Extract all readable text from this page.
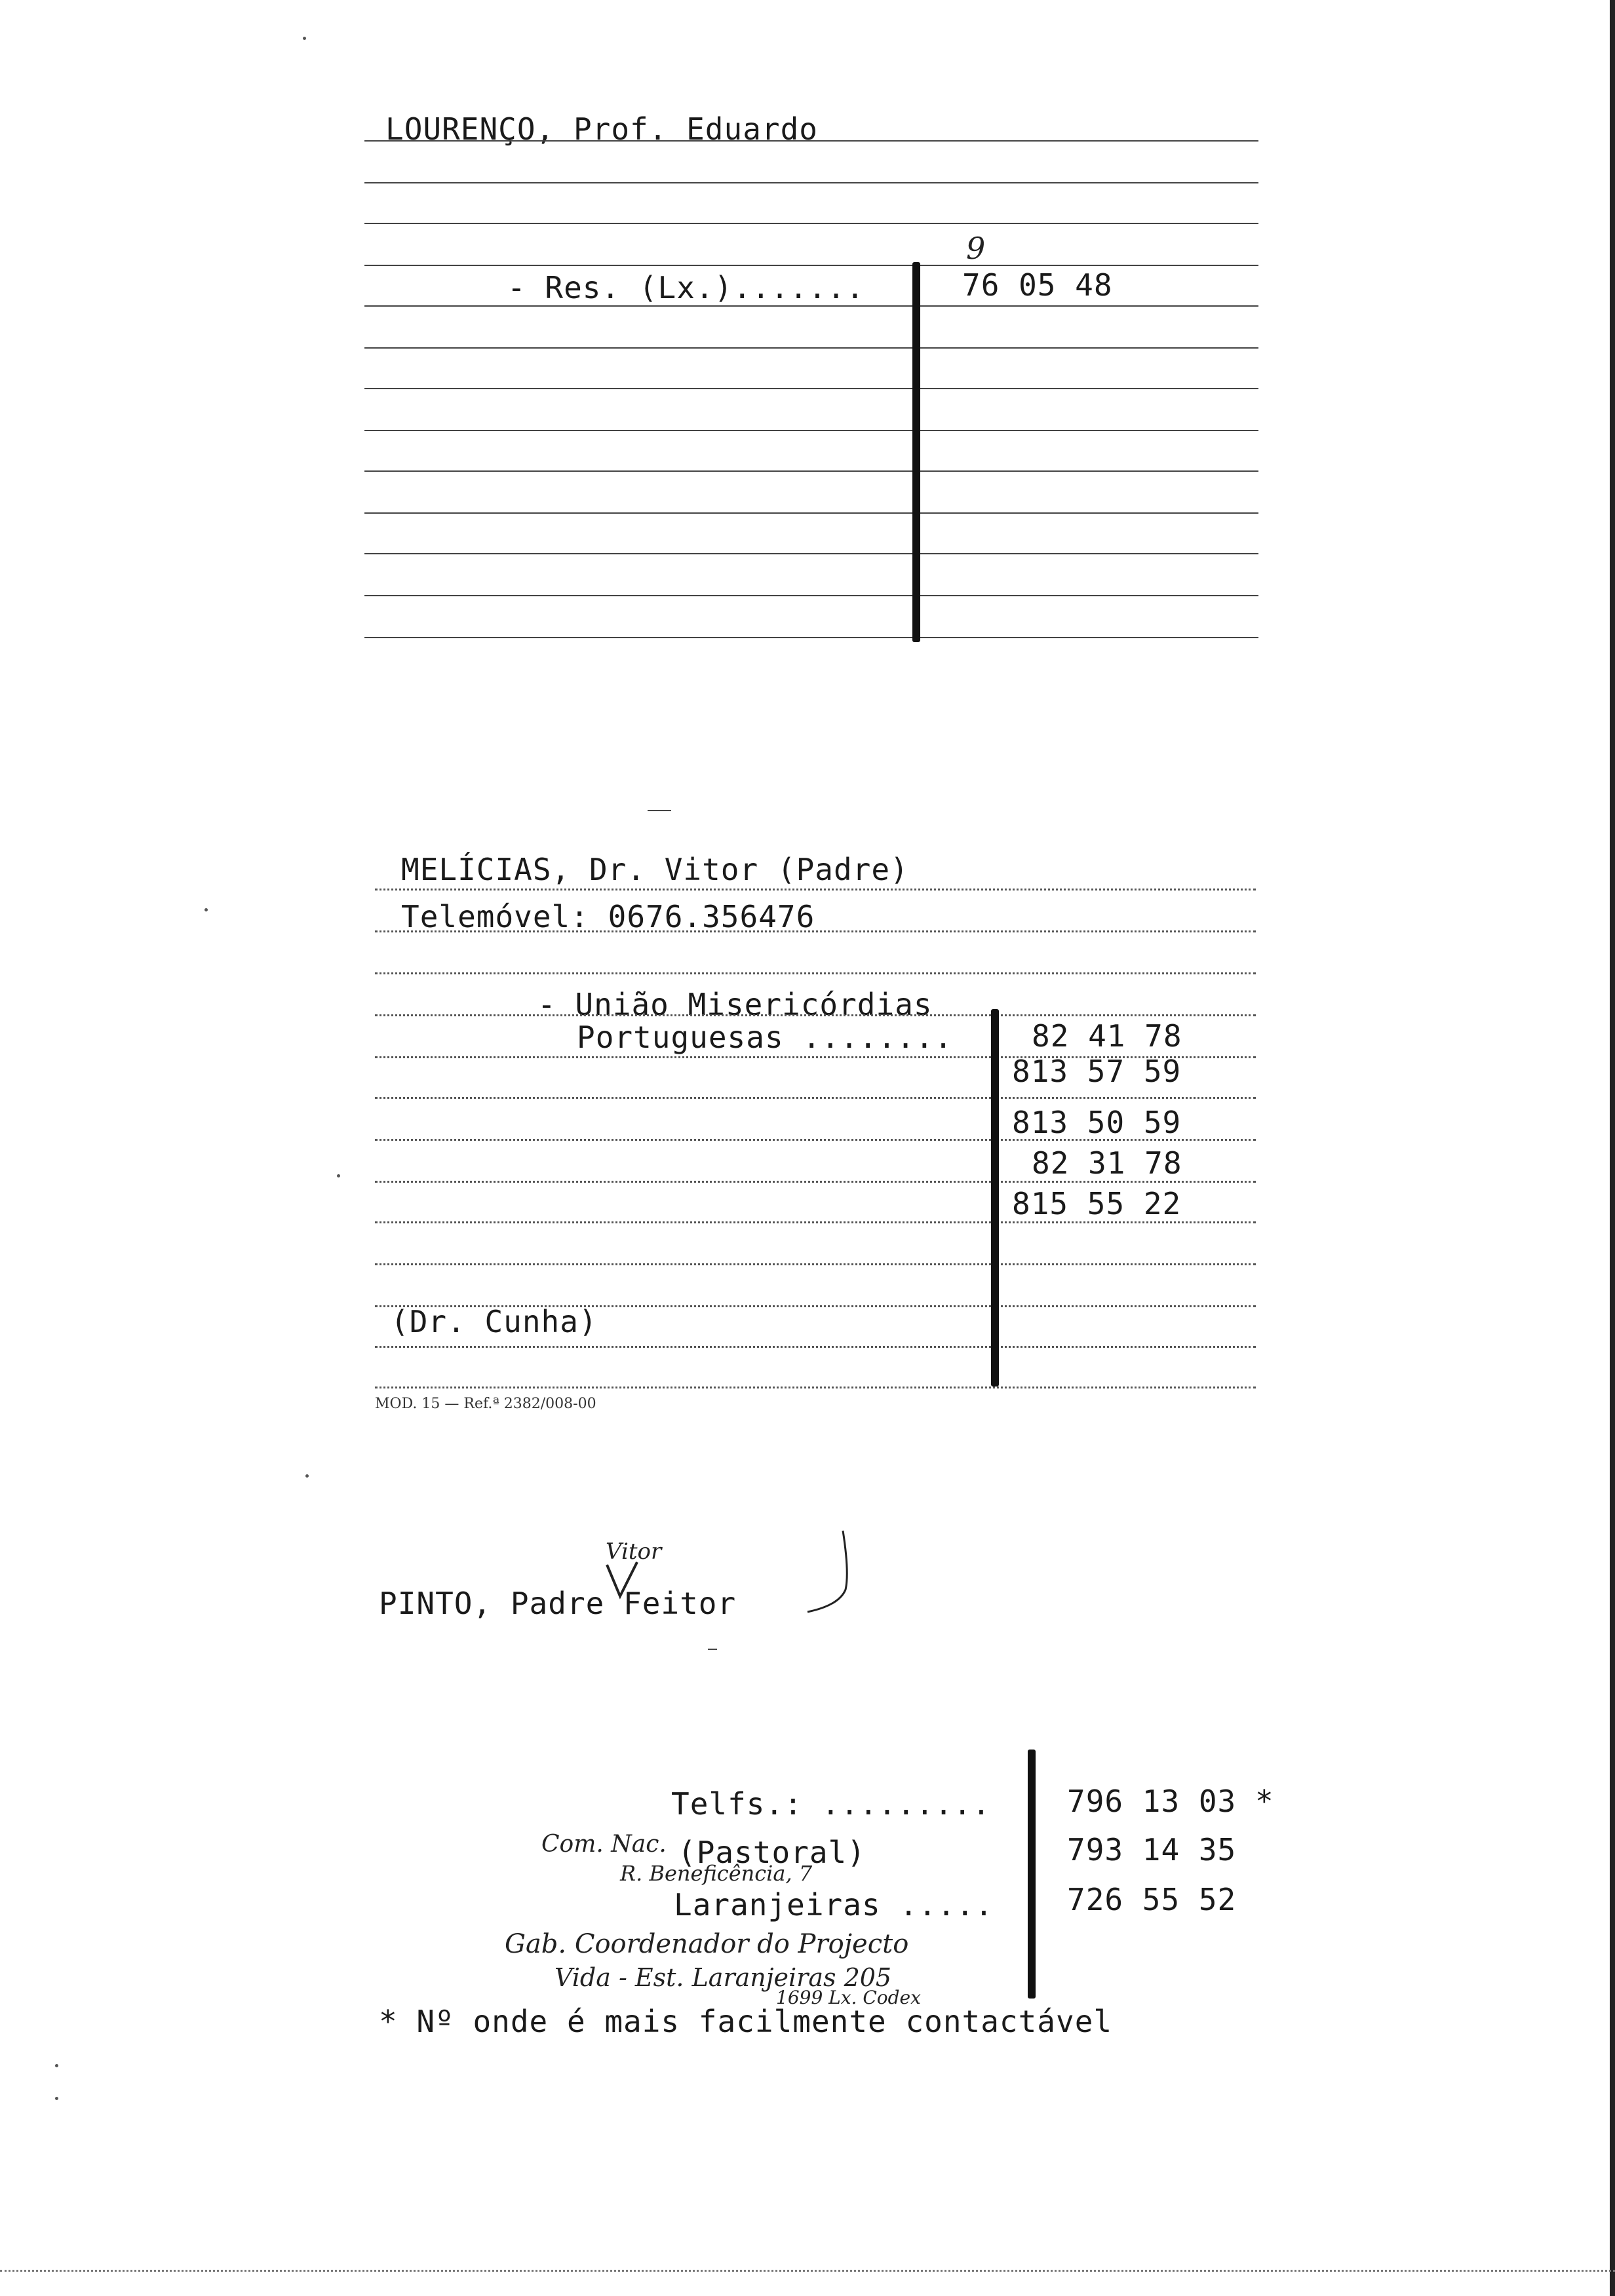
LOURENÇO, Prof. Eduardo
- Res. (Lx.).......
9
76 05 48
MELÍCIAS, Dr. Vitor (Padre)
Telemóvel: 0676.356476
- União Misericórdias
Portuguesas ........	82 41 78
813 57 59
813 50 59
82 31 78
815 55 22
(Dr. Cunha)
MOD. 15 — Ref.ª 2382/008-00
Vitor
PINTO, Padre Feitor
Telfs.: .........
Com. Nac. (Pastoral)
R. Beneficência, 7
Laranjeiras .....
Gab. Coordenador do Projecto
Vida - Est. Laranjeiras 205
1699 Lx. Codex
796 13 03 *
793 14 35
726 55 52
* Nº onde é mais facilmente contactável
